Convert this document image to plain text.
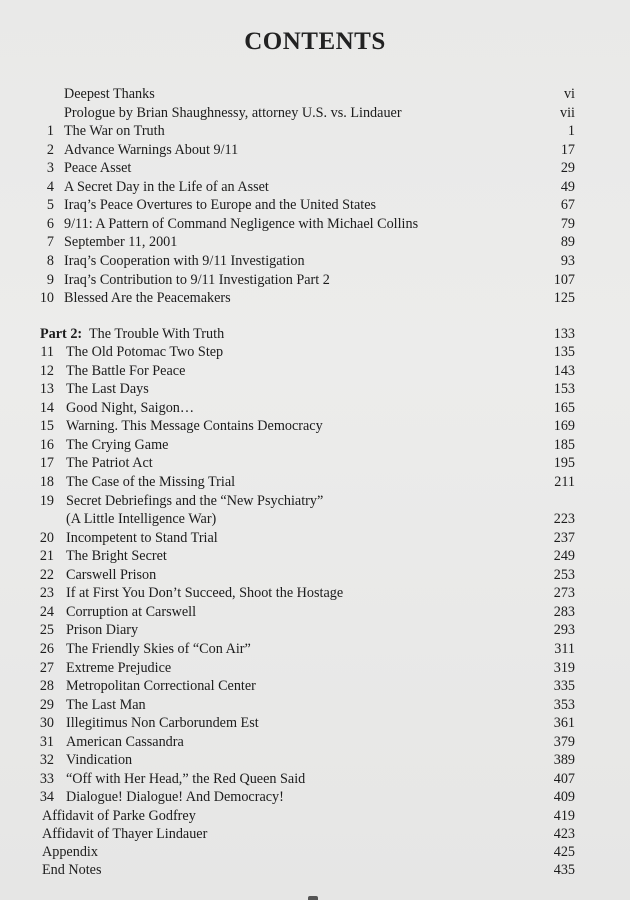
CONTENTS
Deepest Thanks	vi
Prologue by Brian Shaughnessy, attorney U.S. vs. Lindauer	vii
1 The War on Truth	1
2 Advance Warnings About 9/11	17
3 Peace Asset	29
4 A Secret Day in the Life of an Asset	49
5 Iraq’s Peace Overtures to Europe and the United States	67
6 9/11: A Pattern of Command Negligence with Michael Collins	79
7 September 11, 2001	89
8 Iraq’s Cooperation with 9/11 Investigation	93
9 Iraq’s Contribution to 9/11 Investigation Part 2	107
10 Blessed Are the Peacemakers	125
Part 2: The Trouble With Truth	133
11 The Old Potomac Two Step	135
12 The Battle For Peace	143
13 The Last Days	153
14 Good Night, Saigon…	165
15 Warning. This Message Contains Democracy	169
16 The Crying Game	185
17 The Patriot Act	195
18 The Case of the Missing Trial	211
19 Secret Debriefings and the “New Psychiatry”
(A Little Intelligence War)	223
20 Incompetent to Stand Trial	237
21 The Bright Secret	249
22 Carswell Prison	253
23 If at First You Don’t Succeed, Shoot the Hostage	273
24 Corruption at Carswell	283
25 Prison Diary	293
26 The Friendly Skies of “Con Air”	311
27 Extreme Prejudice	319
28 Metropolitan Correctional Center	335
29 The Last Man	353
30 Illegitimus Non Carborundem Est	361
31 American Cassandra	379
32 Vindication	389
33 “Off with Her Head,” the Red Queen Said	407
34 Dialogue! Dialogue! And Democracy!	409
Affidavit of Parke Godfrey	419
Affidavit of Thayer Lindauer	423
Appendix	425
End Notes	435
